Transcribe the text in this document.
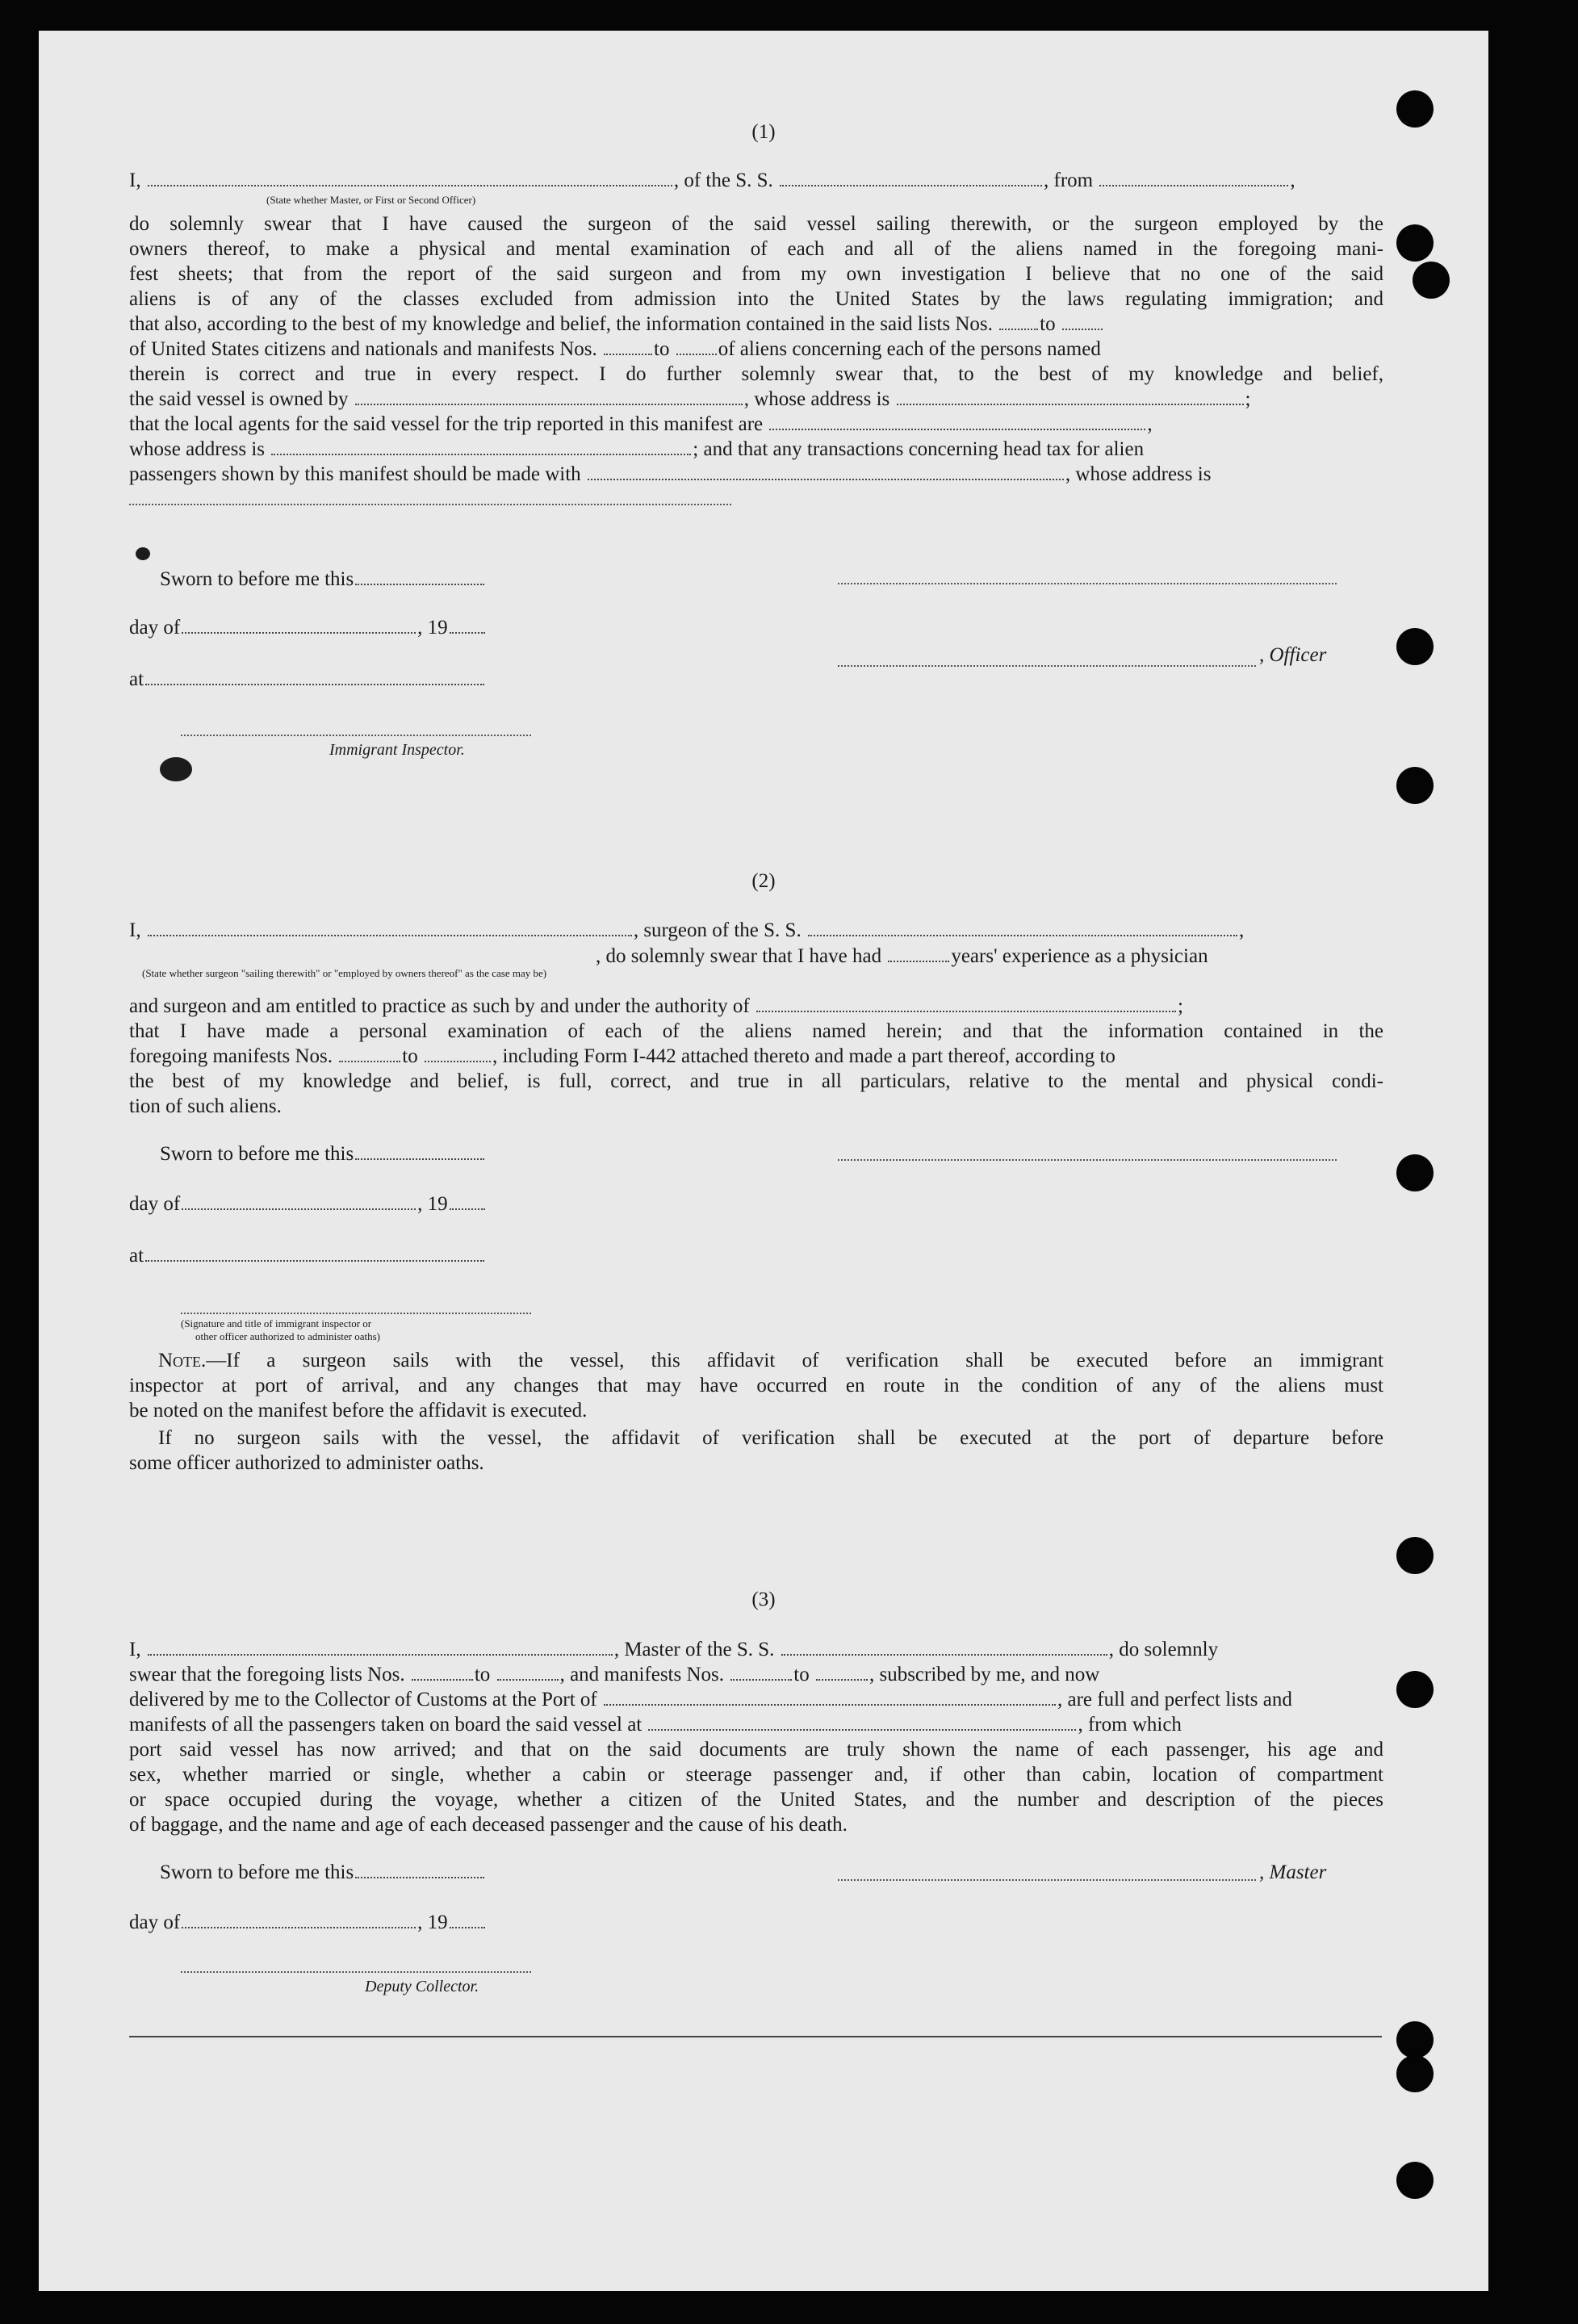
(1)
I,	, of the S. S.	, from	,
(State whether Master, or First or Second Officer)
do solemnly swear that I have caused the surgeon of the said vessel sailing therewith, or the surgeon employed by the
owners thereof, to make a physical and mental examination of each and all of the aliens named in the foregoing mani-
fest sheets; that from the report of the said surgeon and from my own investigation I believe that no one of the said
aliens is of any of the classes excluded from admission into the United States by the laws regulating immigration; and
that also, according to the best of my knowledge and belief, the information contained in the said lists Nos. to
of United States citizens and nationals and manifests Nos.	to of aliens concerning each of the persons named
therein is correct and true in every respect. I do further solemnly swear that, to the best of my knowledge and belief,
the said vessel is owned by	, whose address is	;
that the local agents for the said vessel for the trip reported in this manifest are	,
whose address is	; and that any transactions concerning head tax for alien
passengers shown by this manifest should be made with	, whose address is
Sworn to before me this
day of	, 19
, Officer
at
Immigrant Inspector.
(2)
I,	, surgeon of the S. S.	,
, do solemnly swear that I have had	years' experience as a physician
(State whether surgeon "sailing therewith" or "employed by owners thereof" as the case may be)
and surgeon and am entitled to practice as such by and under the authority of	;
that I have made a personal examination of each of the aliens named herein; and that the information contained in the
foregoing manifests Nos.	to	, including Form I-442 attached thereto and made a part thereof, according to
the best of my knowledge and belief, is full, correct, and true in all particulars, relative to the mental and physical condi-
tion of such aliens.
Sworn to before me this
day of	, 19
at
(Signature and title of immigrant inspector or
other officer authorized to administer oaths)
Note.—If a surgeon sails with the vessel, this affidavit of verification shall be executed before an immigrant
inspector at port of arrival, and any changes that may have occurred en route in the condition of any of the aliens must
be noted on the manifest before the affidavit is executed.
If no surgeon sails with the vessel, the affidavit of verification shall be executed at the port of departure before
some officer authorized to administer oaths.
(3)
I,	, Master of the S. S.	, do solemnly
swear that the foregoing lists Nos.	to	, and manifests Nos.	to	, subscribed by me, and now
delivered by me to the Collector of Customs at the Port of	, are full and perfect lists and
manifests of all the passengers taken on board the said vessel at	, from which
port said vessel has now arrived; and that on the said documents are truly shown the name of each passenger, his age and
sex, whether married or single, whether a cabin or steerage passenger and, if other than cabin, location of compartment
or space occupied during the voyage, whether a citizen of the United States, and the number and description of the pieces
of baggage, and the name and age of each deceased passenger and the cause of his death.
Sworn to before me this	, Master
day of	, 19
Deputy Collector.
